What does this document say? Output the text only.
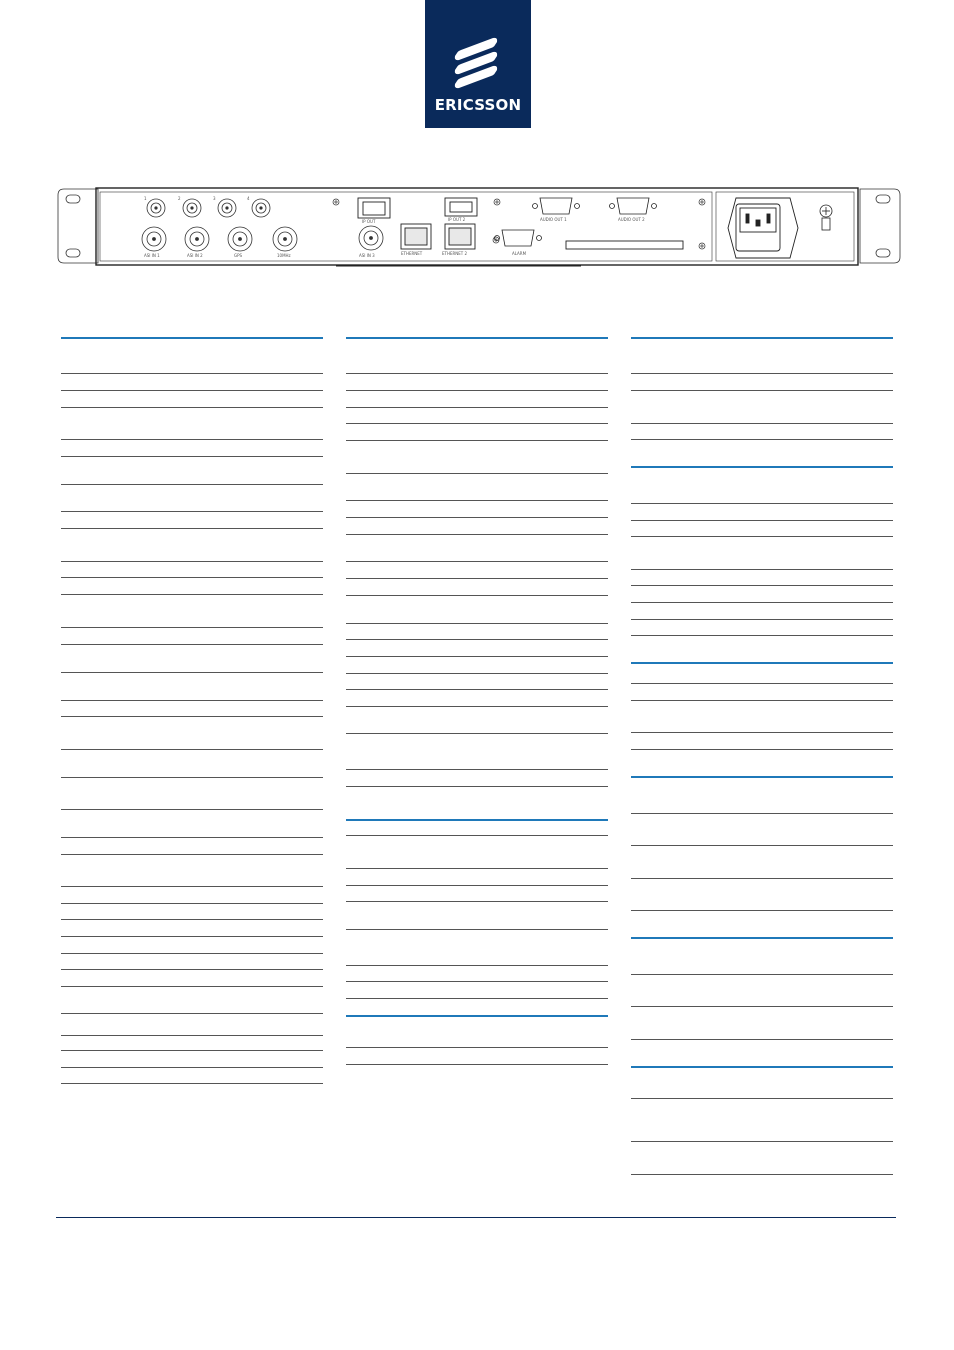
ERICSSON
1	2	3	4
ASI IN 1	ASI IN 2	GPS	10MHz	ASI IN 3
IP OUT	IP OUT 2
ETHERNET	ETHERNET 2
AUDIO OUT 1	AUDIO OUT 2
ALARM
